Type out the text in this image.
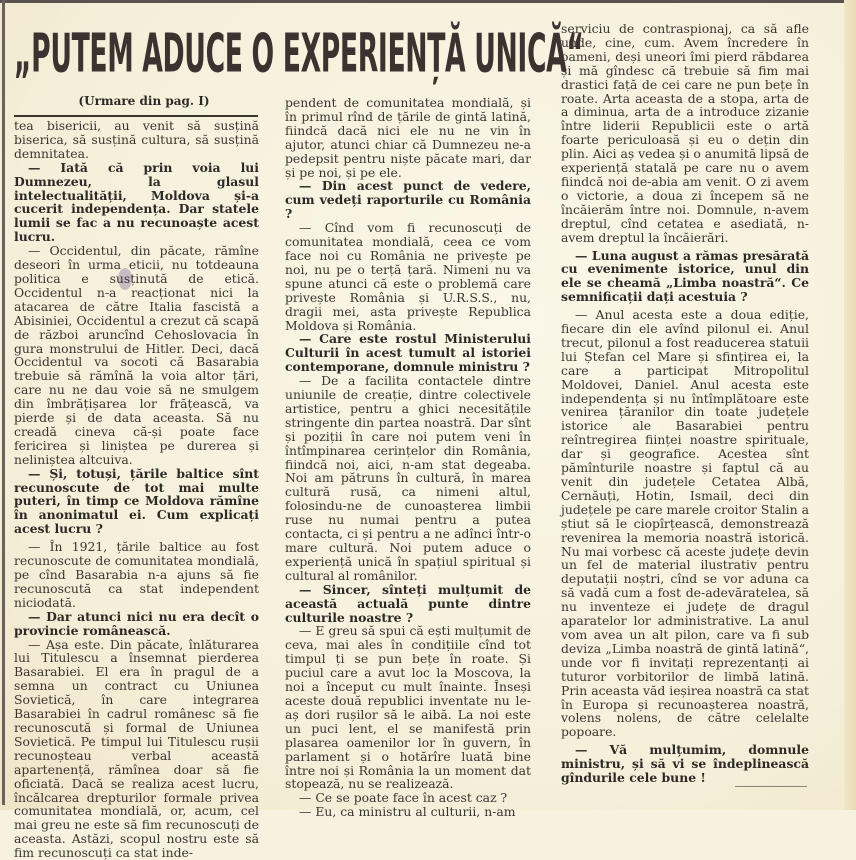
„PUTEM ADUCE O EXPERIENȚĂ UNICĂ“
(Urmare din pag. I)

tea bisericii, au venit să susțină biserica, să susțină cultura, să susțină demnitatea.

— Iată că prin voia lui Dumnezeu, la glasul intelectualității, Moldova și-a cucerit independența. Dar statele lumii se fac a nu recunoaște acest lucru.

— Occidentul, din păcate, rămîne deseori în urma eticii, nu totdeauna politica e susținută de etică. Occidentul n-a reacționat nici la atacarea de către Italia fascistă a Abisiniei, Occidentul a crezut că scapă de război aruncînd Cehoslovacia în gura monstrului de Hitler. Deci, dacă Occidentul va socoti că Basarabia trebuie să rămînă la voia altor țări, care nu ne dau voie să ne smulgem din îmbrățișarea lor frățească, va pierde și de data aceasta. Să nu creadă cineva că-și poate face fericirea și liniștea pe durerea și neliniștea altcuiva.

— Și, totuși, țările baltice sînt recunoscute de tot mai multe puteri, în timp ce Moldova rămîne în anonimatul ei. Cum explicați acest lucru ?

— În 1921, țările baltice au fost recunoscute de comunitatea mondială, pe cînd Basarabia n-a ajuns să fie recunoscută ca stat independent niciodată.

— Dar atunci nici nu era decît o provincie românească.

— Așa este. Din păcate, înlăturarea lui Titulescu a însemnat pierderea Basarabiei. El era în pragul de a semna un contract cu Uniunea Sovietică, în care integrarea Basarabiei în cadrul românesc să fie recunoscută și formal de Uniunea Sovietică. Pe timpul lui Titulescu rușii recunoșteau verbal această apartenență, rămînea doar să fie oficiată. Dacă se realiza acest lucru, încălcarea drepturilor formale privea comunitatea mondială, or, acum, cel mai greu ne este să fim recunoscuți de aceasta. Astăzi, scopul nostru este să fim recunoscuți ca stat inde-

pendent de comunitatea mondială, și în primul rînd de țările de gintă latină, fiindcă dacă nici ele nu ne vin în ajutor, atunci chiar că Dumnezeu ne-a pedepsit pentru niște păcate mari, dar și pe noi, și pe ele.

— Din acest punct de vedere, cum vedeți raporturile cu România ?

— Cînd vom fi recunoscuți de comunitatea mondială, ceea ce vom face noi cu România ne privește pe noi, nu pe o terță țară. Nimeni nu va spune atunci că este o problemă care privește România și U.R.S.S., nu, dragii mei, asta privește Republica Moldova și România.

— Care este rostul Ministerului Culturii în acest tumult al istoriei contemporane, domnule ministru ?

— De a facilita contactele dintre uniunile de creație, dintre colectivele artistice, pentru a ghici necesitățile stringente din partea noastră. Dar sînt și poziții în care noi putem veni în întîmpinarea cerințelor din România, fiindcă noi, aici, n-am stat degeaba. Noi am pătruns în cultură, în marea cultură rusă, ca nimeni altul, folosindu-ne de cunoașterea limbii ruse nu numai pentru a putea contacta, ci și pentru a ne adînci într-o mare cultură. Noi putem aduce o experiență unică în spațiul spiritual și cultural al românilor.

— Sincer, sînteți mulțumit de această actuală punte dintre culturile noastre ?

— E greu să spui că ești mulțumit de ceva, mai ales în condițiile cînd tot timpul ți se pun bețe în roate. Și puciul care a avut loc la Moscova, la noi a început cu mult înainte. Înseși aceste două republici inventate nu le-aș dori rușilor să le aibă. La noi este un puci lent, el se manifestă prin plasarea oamenilor lor în guvern, în parlament și o hotărîre luată bine între noi și România la un moment dat stopează, nu se realizează.

— Ce se poate face în acest caz ?

— Eu, ca ministru al culturii, n-am

serviciu de contraspionaj, ca să afle unde, cine, cum. Avem încredere în oameni, deși uneori îmi pierd răbdarea și mă gîndesc că trebuie să fim mai drastici față de cei care ne pun bețe în roate. Arta aceasta de a stopa, arta de a diminua, arta de a introduce zizanie între liderii Republicii este o artă foarte periculoasă și eu o dețin din plin. Aici aș vedea și o anumită lipsă de experiență statală pe care nu o avem fiindcă noi de-abia am venit. O zi avem o victorie, a doua zi începem să ne încăierăm între noi. Domnule, n-avem dreptul, cînd cetatea e asediată, n-avem dreptul la încăierări.

— Luna august a rămas presărată cu evenimente istorice, unul din ele se cheamă „Limba noastră“. Ce semnificații dați acestuia ?

— Anul acesta este a doua ediție, fiecare din ele avînd pilonul ei. Anul trecut, pilonul a fost readucerea statuii lui Ștefan cel Mare și sfințirea ei, la care a participat Mitropolitul Moldovei, Daniel. Anul acesta este independența și nu întîmplătoare este venirea țăranilor din toate județele istorice ale Basarabiei pentru reîntregirea ființei noastre spirituale, dar și geografice. Acestea sînt pămînturile noastre și faptul că au venit din județele Cetatea Albă, Cernăuți, Hotin, Ismail, deci din județele pe care marele croitor Stalin a știut să le ciopîrțească, demonstrează revenirea la memoria noastră istorică. Nu mai vorbesc că aceste județe devin un fel de material ilustrativ pentru deputații noștri, cînd se vor aduna ca să vadă cum a fost de-adevăratelea, să nu inventeze ei județe de dragul aparatelor lor administrative. La anul vom avea un alt pilon, care va fi sub deviza „Limba noastră de gintă latină“, unde vor fi invitați reprezentanți ai tuturor vorbitorilor de limbă latină. Prin aceasta văd ieșirea noastră ca stat în Europa și recunoașterea noastră, volens nolens, de către celelalte popoare.

— Vă mulțumim, domnule ministru, și să vi se îndeplinească gîndurile cele bune !
